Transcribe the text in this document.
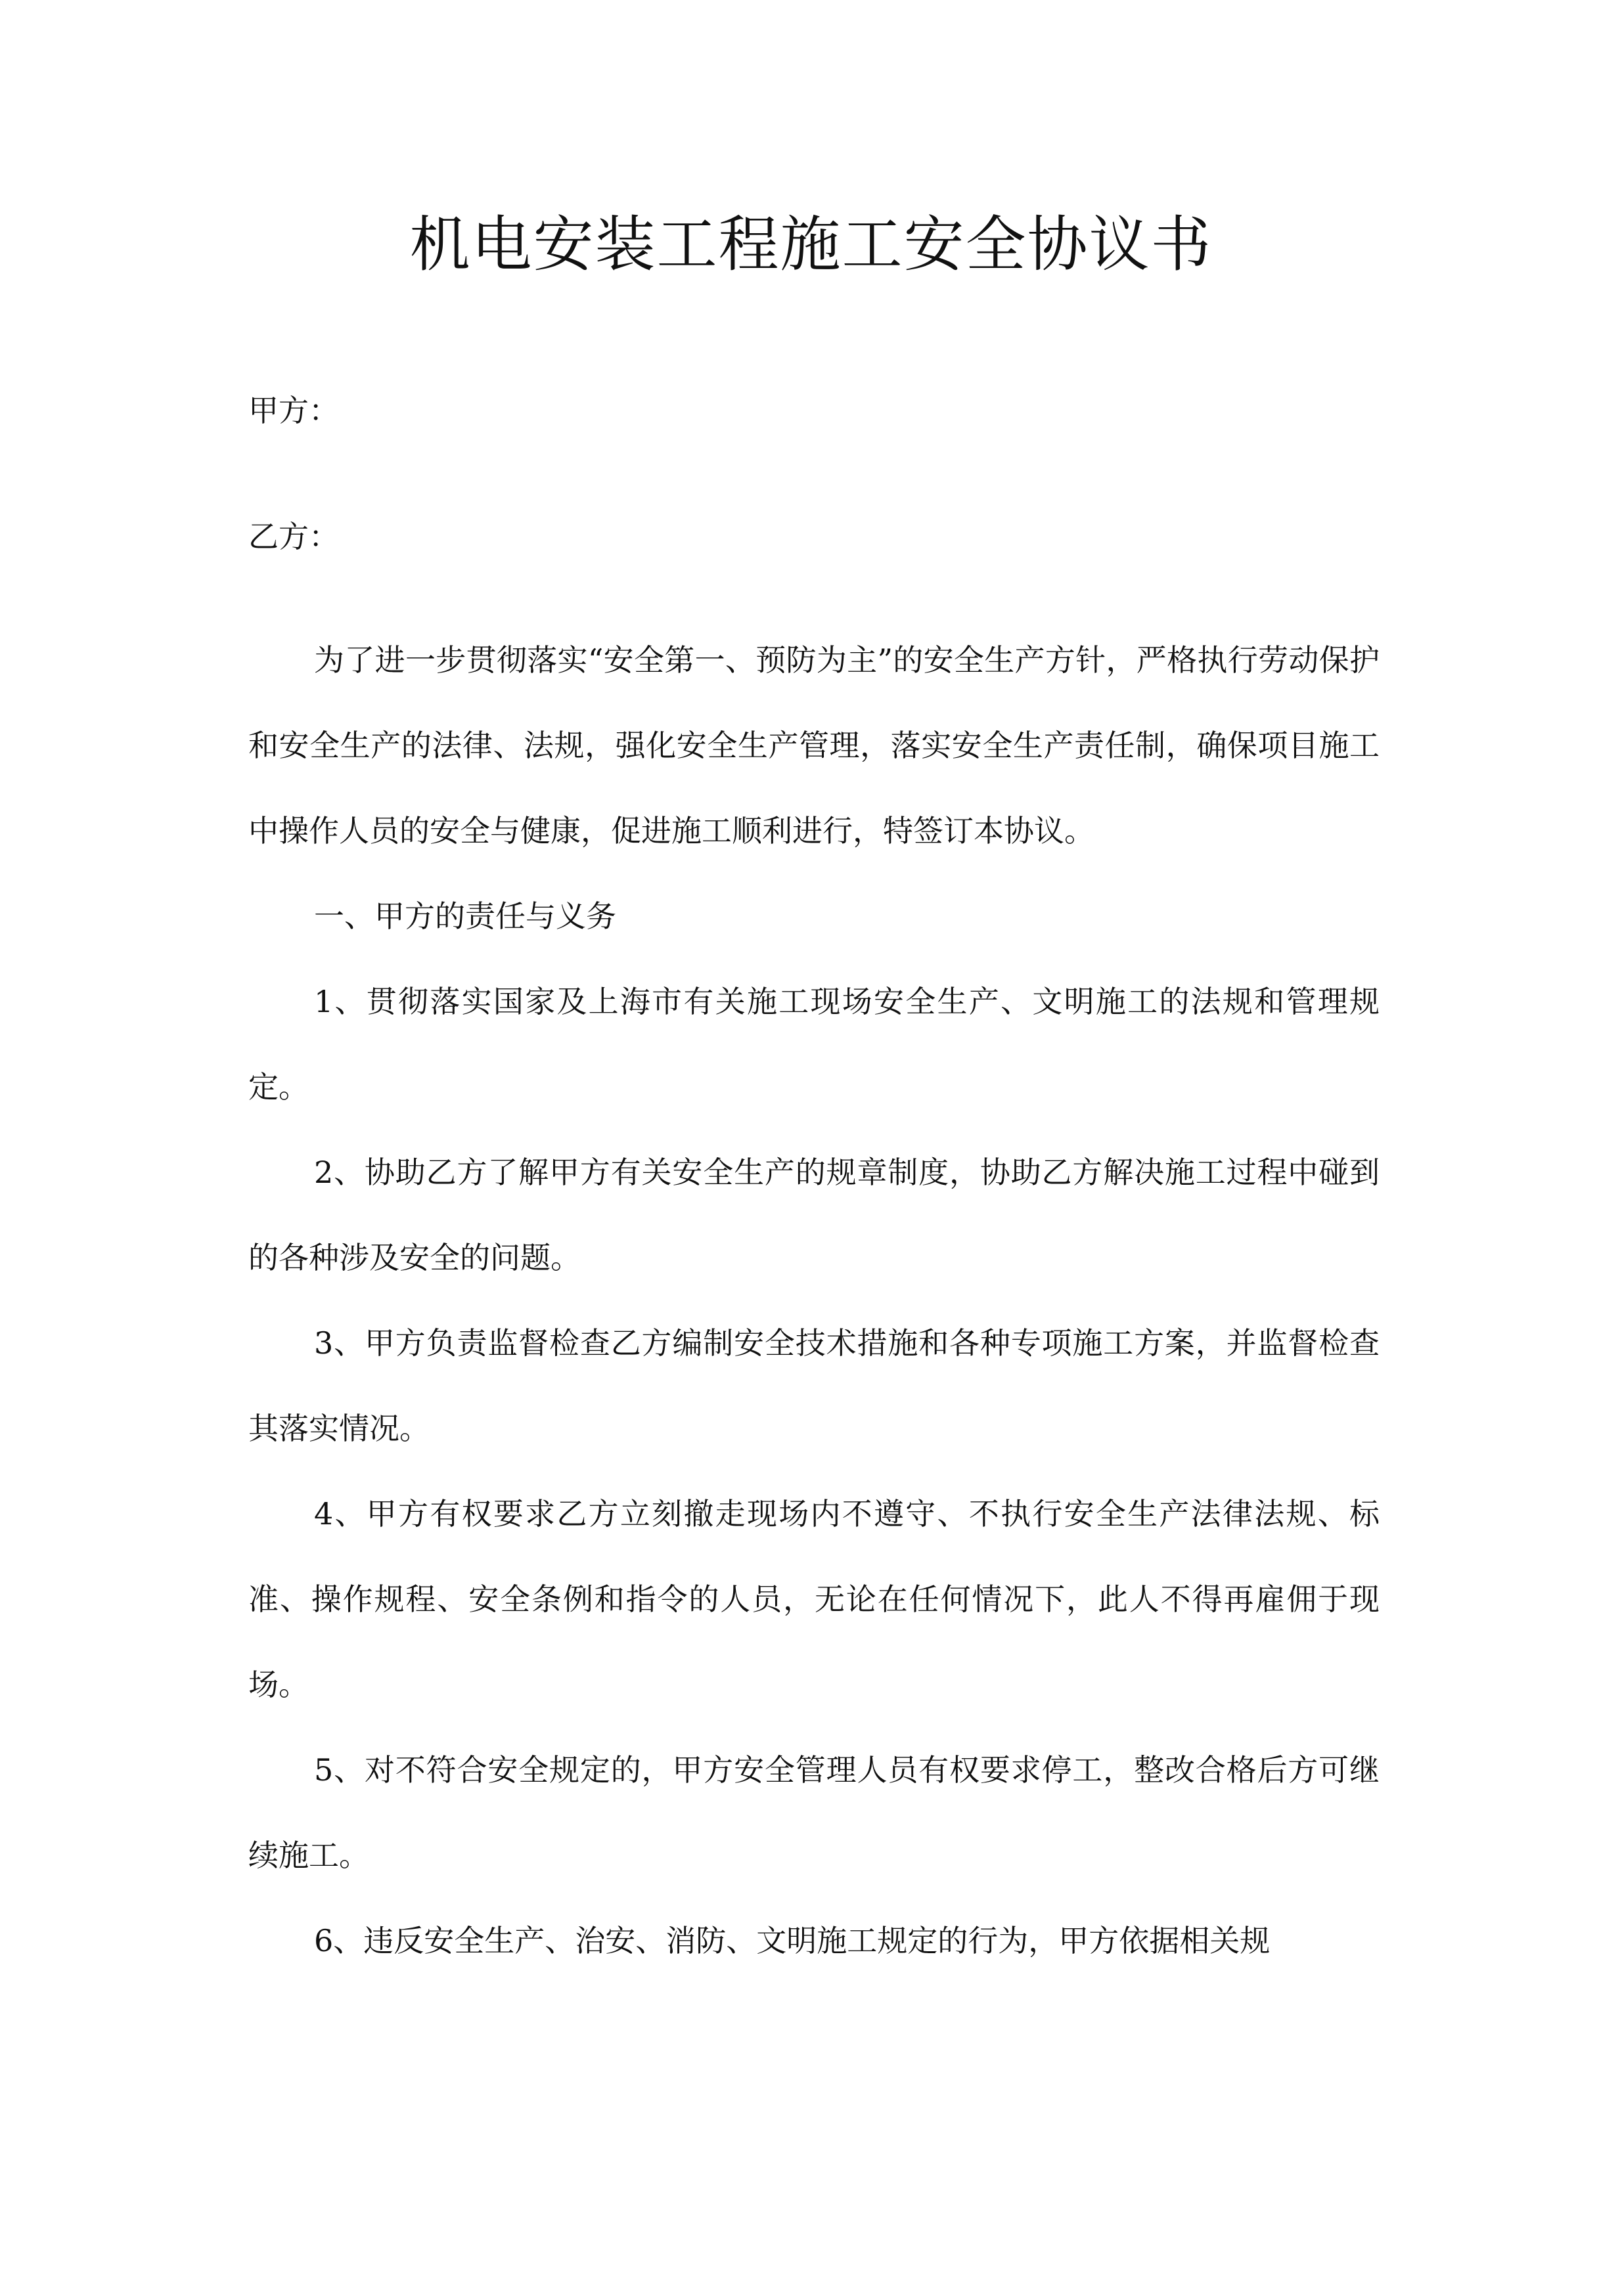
机电安装工程施工安全协议书

甲方：

乙方：

为了进一步贯彻落实“安全第一、预防为主”的安全生产方针，严格执行劳动保护和安全生产的法律、法规，强化安全生产管理，落实安全生产责任制，确保项目施工中操作人员的安全与健康，促进施工顺利进行，特签订本协议。

一、甲方的责任与义务

1、贯彻落实国家及上海市有关施工现场安全生产、文明施工的法规和管理规定。

2、协助乙方了解甲方有关安全生产的规章制度，协助乙方解决施工过程中碰到的各种涉及安全的问题。

3、甲方负责监督检查乙方编制安全技术措施和各种专项施工方案，并监督检查其落实情况。

4、甲方有权要求乙方立刻撤走现场内不遵守、不执行安全生产法律法规、标准、操作规程、安全条例和指令的人员，无论在任何情况下，此人不得再雇佣于现场。

5、对不符合安全规定的，甲方安全管理人员有权要求停工，整改合格后方可继续施工。

6、违反安全生产、治安、消防、文明施工规定的行为，甲方依据相关规
